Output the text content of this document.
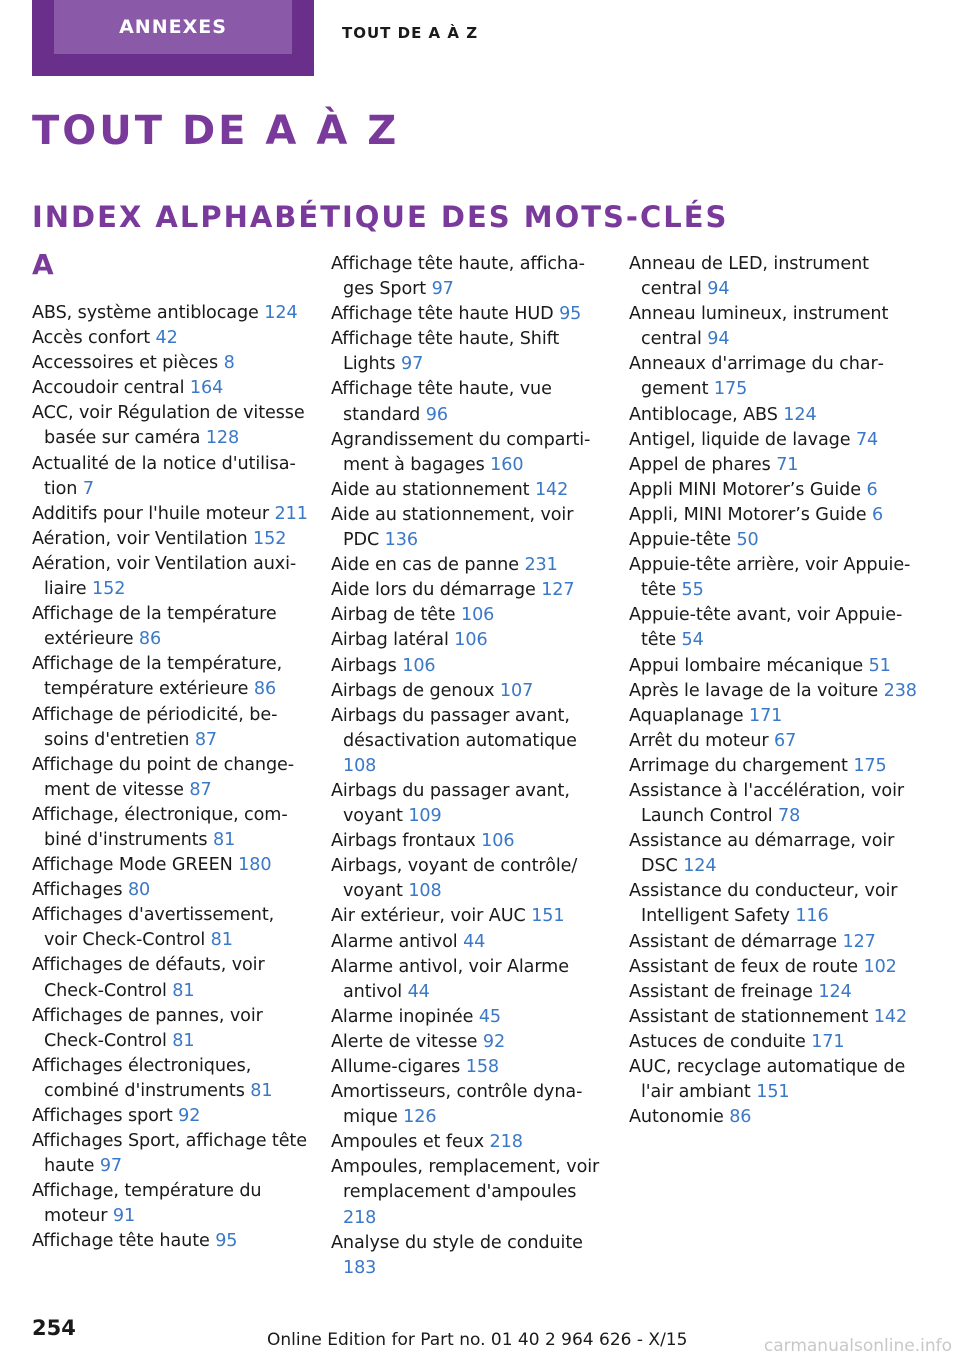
ANNEXES	TOUT DE A À Z
TOUT DE A À Z
INDEX ALPHABÉTIQUE DES MOTS-CLÉS
A
ABS, système antiblocage 124
Accès confort 42
Accessoires et pièces 8
Accoudoir central 164
ACC, voir Régulation de vitesse basée sur caméra 128
Actualité de la notice d'utilisation 7
Additifs pour l'huile moteur 211
Aération, voir Ventilation 152
Aération, voir Ventilation auxiliaire 152
Affichage de la température extérieure 86
Affichage de la température, température extérieure 86
Affichage de périodicité, besoins d'entretien 87
Affichage du point de changement de vitesse 87
Affichage, électronique, combiné d'instruments 81
Affichage Mode GREEN 180
Affichages 80
Affichages d'avertissement, voir Check-Control 81
Affichages de défauts, voir Check-Control 81
Affichages de pannes, voir Check-Control 81
Affichages électroniques, combiné d'instruments 81
Affichages sport 92
Affichages Sport, affichage tête haute 97
Affichage, température du moteur 91
Affichage tête haute 95
Affichage tête haute, affichages Sport 97
Affichage tête haute HUD 95
Affichage tête haute, Shift Lights 97
Affichage tête haute, vue standard 96
Agrandissement du compartiment à bagages 160
Aide au stationnement 142
Aide au stationnement, voir PDC 136
Aide en cas de panne 231
Aide lors du démarrage 127
Airbag de tête 106
Airbag latéral 106
Airbags 106
Airbags de genoux 107
Airbags du passager avant, désactivation automatique 108
Airbags du passager avant, voyant 109
Airbags frontaux 106
Airbags, voyant de contrôle/ voyant 108
Air extérieur, voir AUC 151
Alarme antivol 44
Alarme antivol, voir Alarme antivol 44
Alarme inopinée 45
Alerte de vitesse 92
Allume-cigares 158
Amortisseurs, contrôle dynamique 126
Ampoules et feux 218
Ampoules, remplacement, voir remplacement d'ampoules 218
Analyse du style de conduite 183
Anneau de LED, instrument central 94
Anneau lumineux, instrument central 94
Anneaux d'arrimage du chargement 175
Antiblocage, ABS 124
Antigel, liquide de lavage 74
Appel de phares 71
Appli MINI Motorer’s Guide 6
Appli, MINI Motorer’s Guide 6
Appuie-tête 50
Appuie-tête arrière, voir Appuie-tête 55
Appuie-tête avant, voir Appuie-tête 54
Appui lombaire mécanique 51
Après le lavage de la voiture 238
Aquaplanage 171
Arrêt du moteur 67
Arrimage du chargement 175
Assistance à l'accélération, voir Launch Control 78
Assistance au démarrage, voir DSC 124
Assistance du conducteur, voir Intelligent Safety 116
Assistant de démarrage 127
Assistant de feux de route 102
Assistant de freinage 124
Assistant de stationnement 142
Astuces de conduite 171
AUC, recyclage automatique de l'air ambiant 151
Autonomie 86
254	Online Edition for Part no. 01 40 2 964 626 - X/15	carmanualsonline.info
